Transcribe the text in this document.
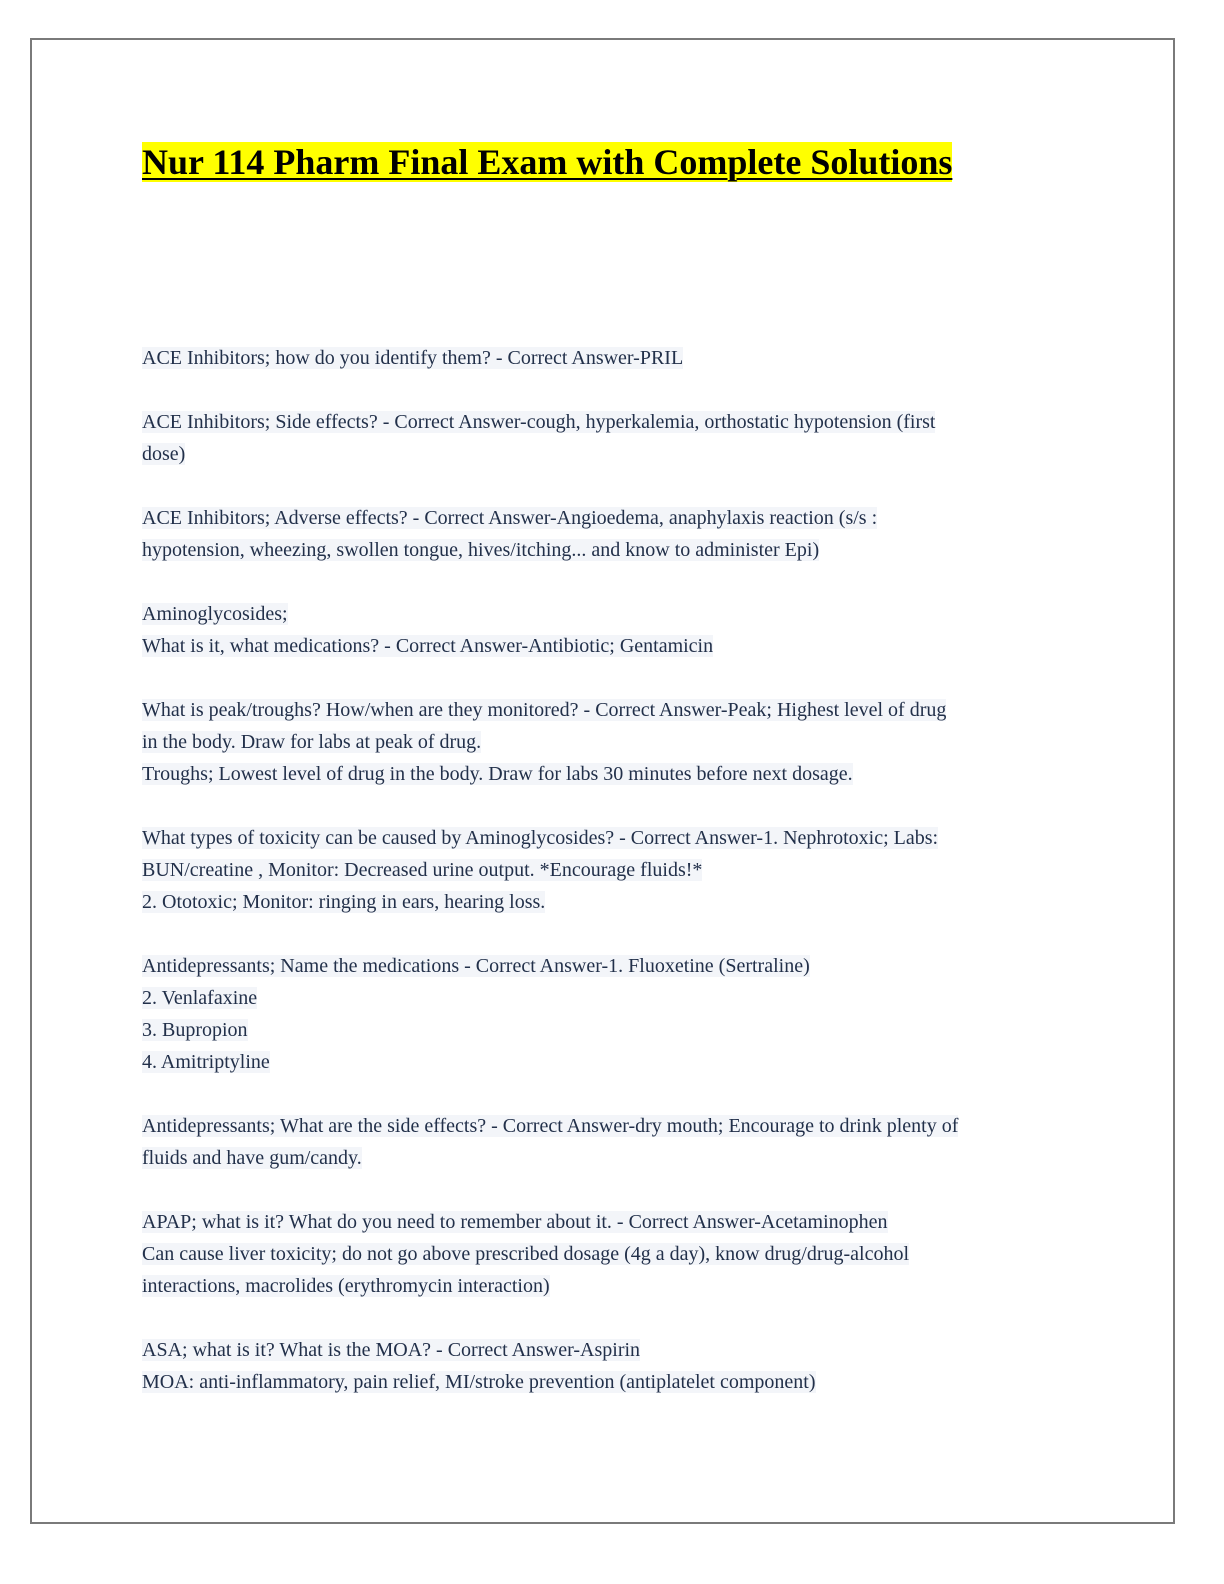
Nur 114 Pharm Final Exam with Complete Solutions

ACE Inhibitors; how do you identify them? - Correct Answer-PRIL

ACE Inhibitors; Side effects? - Correct Answer-cough, hyperkalemia, orthostatic hypotension (first
dose)

ACE Inhibitors; Adverse effects? - Correct Answer-Angioedema, anaphylaxis reaction (s/s :
hypotension, wheezing, swollen tongue, hives/itching... and know to administer Epi)

Aminoglycosides;
What is it, what medications? - Correct Answer-Antibiotic; Gentamicin

What is peak/troughs? How/when are they monitored? - Correct Answer-Peak; Highest level of drug
in the body. Draw for labs at peak of drug.
Troughs; Lowest level of drug in the body. Draw for labs 30 minutes before next dosage.

What types of toxicity can be caused by Aminoglycosides? - Correct Answer-1. Nephrotoxic; Labs:
BUN/creatine , Monitor: Decreased urine output. *Encourage fluids!*
2. Ototoxic; Monitor: ringing in ears, hearing loss.

Antidepressants; Name the medications - Correct Answer-1. Fluoxetine (Sertraline)
2. Venlafaxine
3. Bupropion
4. Amitriptyline

Antidepressants; What are the side effects? - Correct Answer-dry mouth; Encourage to drink plenty of
fluids and have gum/candy.

APAP; what is it? What do you need to remember about it. - Correct Answer-Acetaminophen
Can cause liver toxicity; do not go above prescribed dosage (4g a day), know drug/drug-alcohol
interactions, macrolides (erythromycin interaction)

ASA; what is it? What is the MOA? - Correct Answer-Aspirin
MOA: anti-inflammatory, pain relief, MI/stroke prevention (antiplatelet component)
